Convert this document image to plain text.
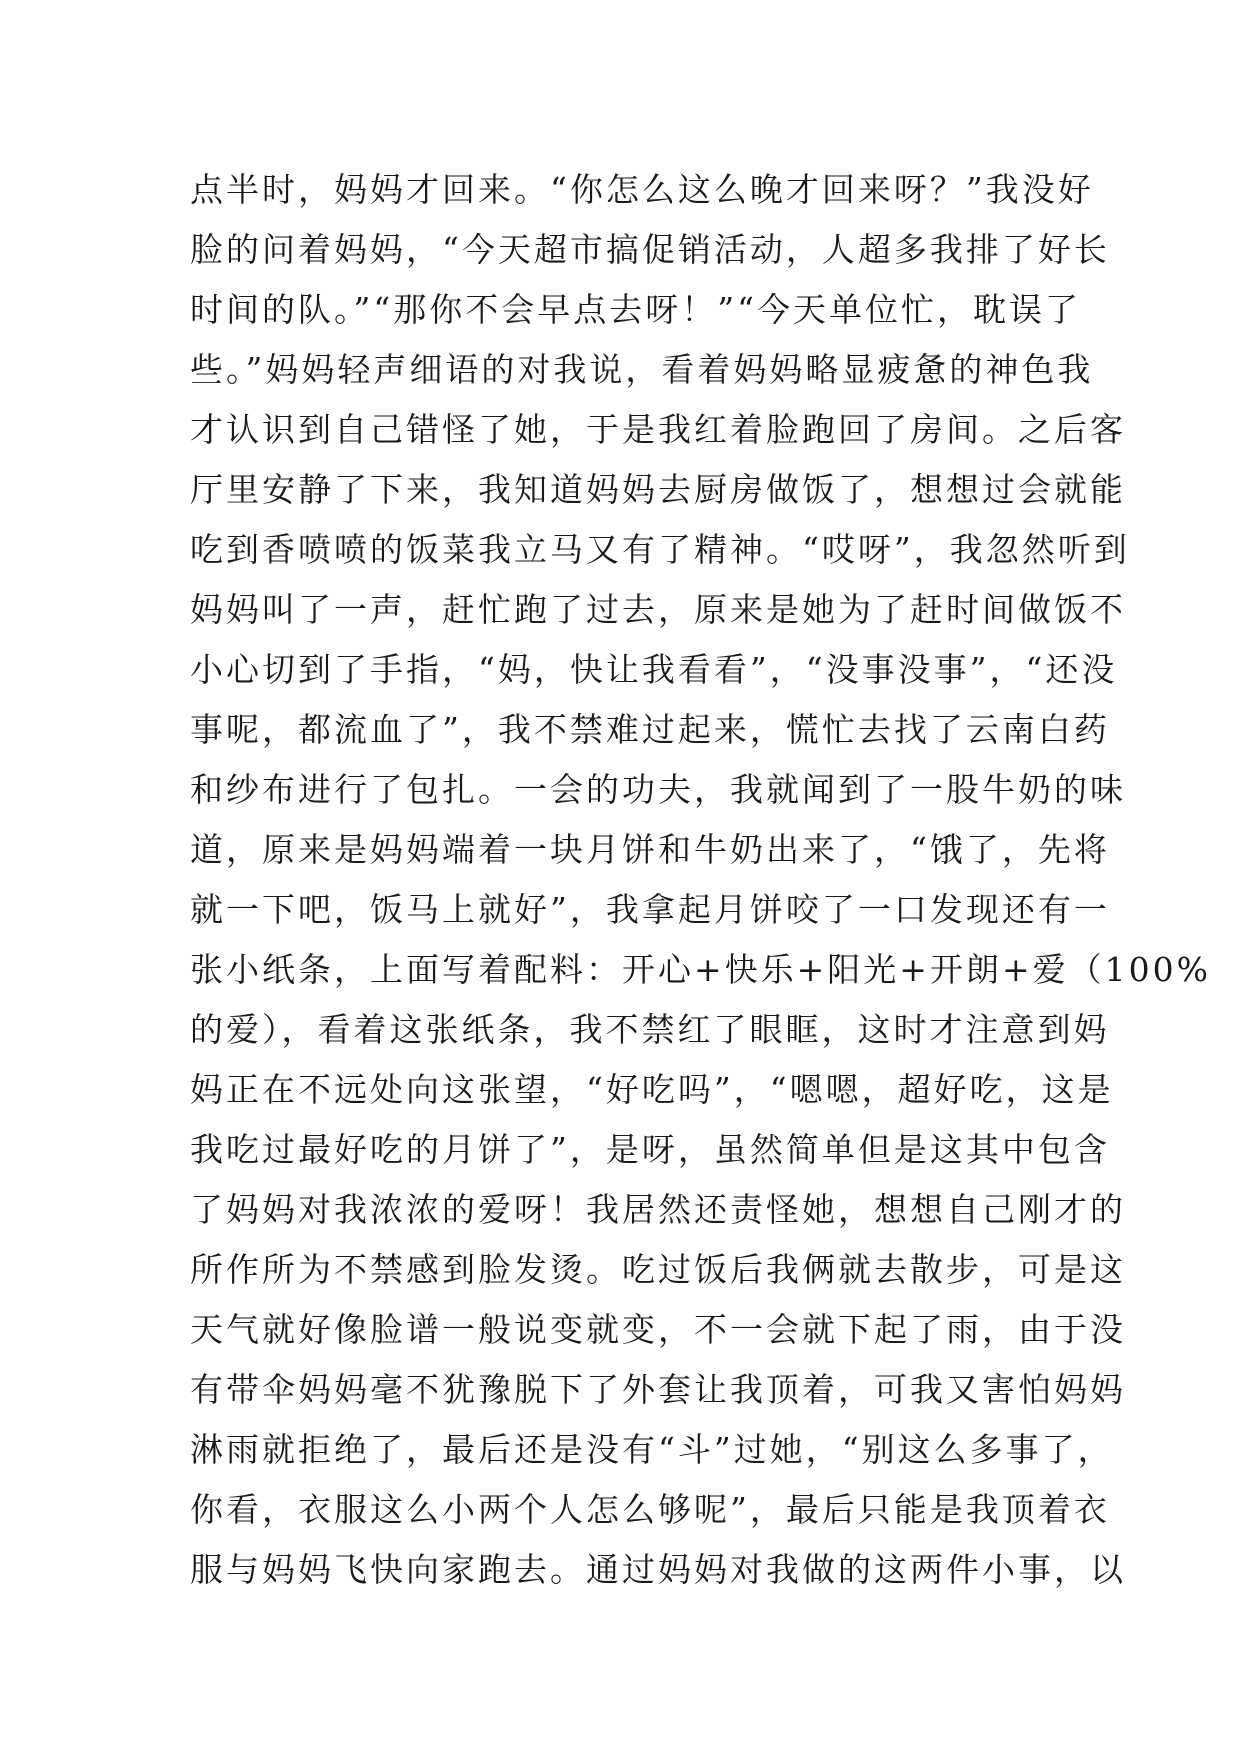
点半时，妈妈才回来。“你怎么这么晚才回来呀？”我没好
脸的问着妈妈，“今天超市搞促销活动，人超多我排了好长
时间的队。”“那你不会早点去呀！”“今天单位忙，耽误了
些。”妈妈轻声细语的对我说，看着妈妈略显疲惫的神色我
才认识到自己错怪了她，于是我红着脸跑回了房间。之后客
厅里安静了下来，我知道妈妈去厨房做饭了，想想过会就能
吃到香喷喷的饭菜我立马又有了精神。“哎呀”，我忽然听到
妈妈叫了一声，赶忙跑了过去，原来是她为了赶时间做饭不
小心切到了手指，“妈，快让我看看”，“没事没事”，“还没
事呢，都流血了”，我不禁难过起来，慌忙去找了云南白药
和纱布进行了包扎。一会的功夫，我就闻到了一股牛奶的味
道，原来是妈妈端着一块月饼和牛奶出来了，“饿了，先将
就一下吧，饭马上就好”，我拿起月饼咬了一口发现还有一
张小纸条，上面写着配料：开心+快乐+阳光+开朗+爱（100%
的爱），看着这张纸条，我不禁红了眼眶，这时才注意到妈
妈正在不远处向这张望，“好吃吗”，“嗯嗯，超好吃，这是
我吃过最好吃的月饼了”，是呀，虽然简单但是这其中包含
了妈妈对我浓浓的爱呀！我居然还责怪她，想想自己刚才的
所作所为不禁感到脸发烫。吃过饭后我俩就去散步，可是这
天气就好像脸谱一般说变就变，不一会就下起了雨，由于没
有带伞妈妈毫不犹豫脱下了外套让我顶着，可我又害怕妈妈
淋雨就拒绝了，最后还是没有“斗”过她，“别这么多事了，
你看，衣服这么小两个人怎么够呢”，最后只能是我顶着衣
服与妈妈飞快向家跑去。通过妈妈对我做的这两件小事，以
